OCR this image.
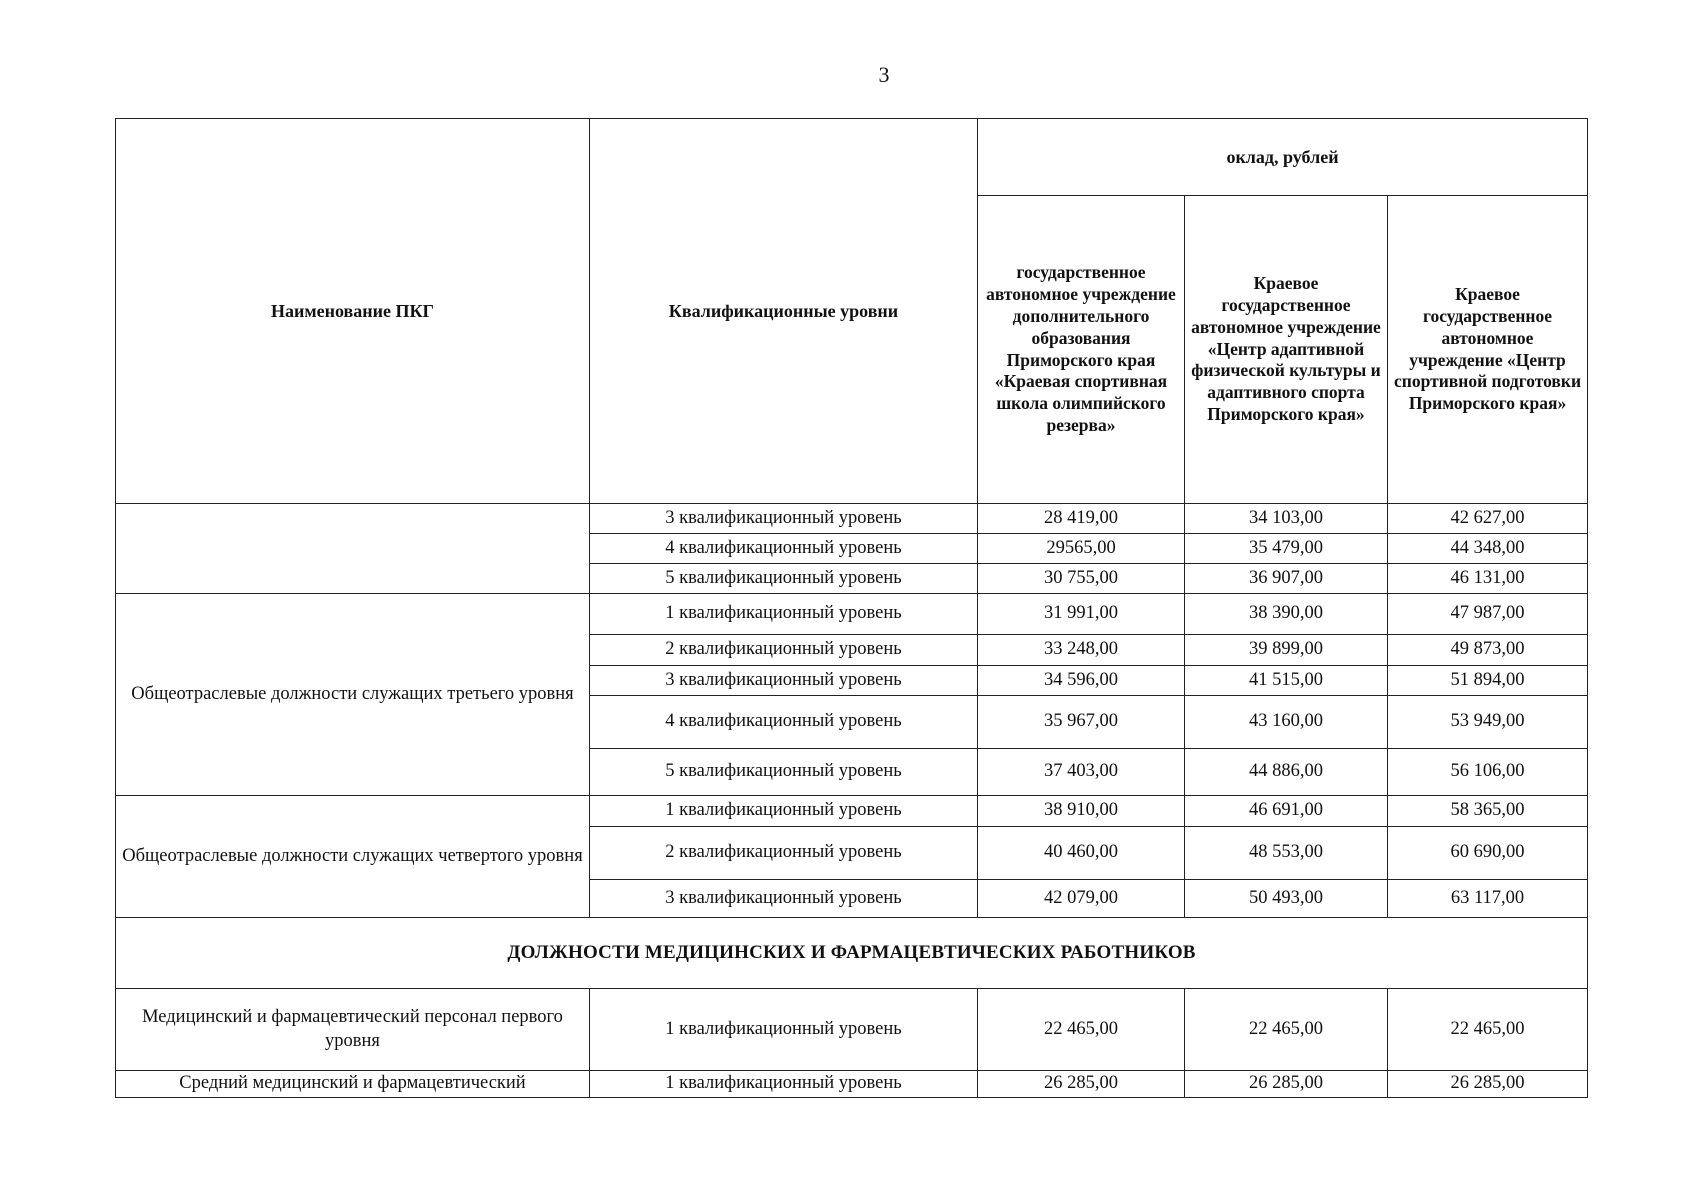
3
Наименование ПКГ	Квалификационные уровни	оклад, рублей		
		государственное автономное учреждение дополнительного образования Приморского края «Краевая спортивная школа олимпийского резерва»	Краевое государственное автономное учреждение «Центр адаптивной физической культуры и адаптивного спорта Приморского края»	Краевое государственное автономное учреждение «Центр спортивной подготовки Приморского края»
	3 квалификационный уровень	28 419,00	34 103,00	42 627,00
	4 квалификационный уровень	29565,00	35 479,00	44 348,00
	5 квалификационный уровень	30 755,00	36 907,00	46 131,00
Общеотраслевые должности служащих третьего уровня	1 квалификационный уровень	31 991,00	38 390,00	47 987,00
	2 квалификационный уровень	33 248,00	39 899,00	49 873,00
	3 квалификационный уровень	34 596,00	41 515,00	51 894,00
	4 квалификационный уровень	35 967,00	43 160,00	53 949,00
	5 квалификационный уровень	37 403,00	44 886,00	56 106,00
Общеотраслевые должности служащих четвертого уровня	1 квалификационный уровень	38 910,00	46 691,00	58 365,00
	2 квалификационный уровень	40 460,00	48 553,00	60 690,00
	3 квалификационный уровень	42 079,00	50 493,00	63 117,00
ДОЛЖНОСТИ МЕДИЦИНСКИХ И ФАРМАЦЕВТИЧЕСКИХ РАБОТНИКОВ				
Медицинский и фармацевтический персонал первого уровня	1 квалификационный уровень	22 465,00	22 465,00	22 465,00
Средний медицинский и фармацевтический	1 квалификационный уровень	26 285,00	26 285,00	26 285,00
